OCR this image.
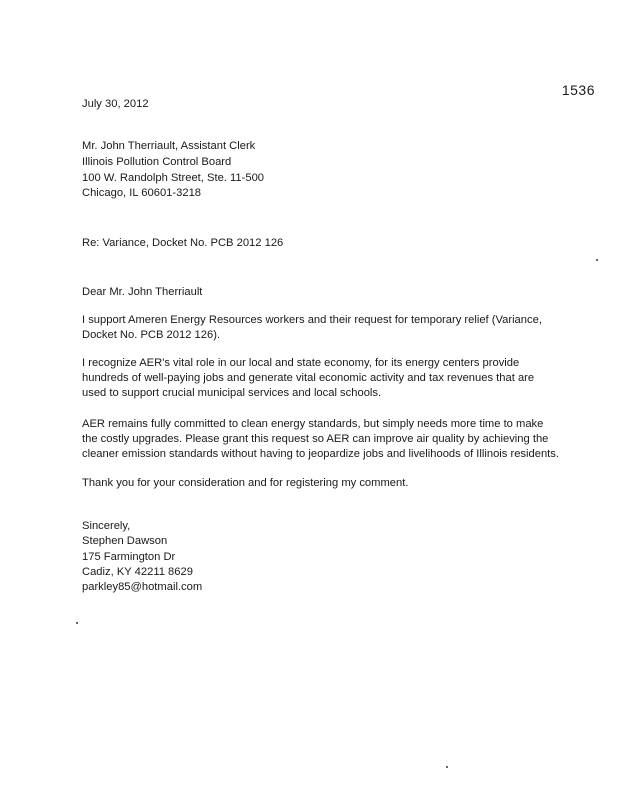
1536
July 30, 2012
Mr. John Therriault, Assistant Clerk
Illinois Pollution Control Board
100 W. Randolph Street, Ste. 11-500
Chicago, IL 60601-3218
Re: Variance, Docket No. PCB 2012 126
Dear Mr. John Therriault
I support Ameren Energy Resources workers and their request for temporary relief (Variance,
Docket No. PCB 2012 126).
I recognize AER's vital role in our local and state economy, for its energy centers provide
hundreds of well-paying jobs and generate vital economic activity and tax revenues that are
used to support crucial municipal services and local schools.
AER remains fully committed to clean energy standards, but simply needs more time to make
the costly upgrades. Please grant this request so AER can improve air quality by achieving the
cleaner emission standards without having to jeopardize jobs and livelihoods of Illinois residents.
Thank you for your consideration and for registering my comment.
Sincerely,
Stephen Dawson
175 Farmington Dr
Cadiz, KY 42211 8629
parkley85@hotmail.com
